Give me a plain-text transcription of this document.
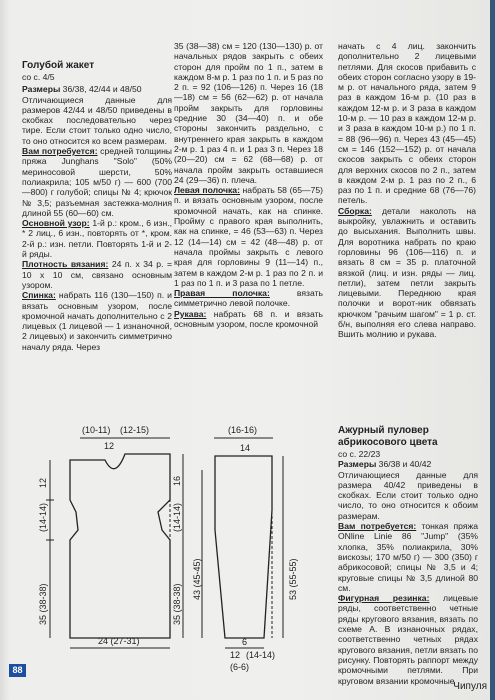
Голубой жакет

со с. 4/5

Размеры 36/38, 42/44 и 48/50

Отличающиеся данные для размеров 42/44 и 48/50 приведены в скобках последовательно через тире. Если стоит только одно число, то оно относится ко всем размерам.

Вам потребуется: средней толщины пряжа Junghans "Solo" (50% мериносовой шерсти, 50% полиакрила; 105 м/50 г) — 600 (700—800) г голубой; спицы № 4; крючок № 3,5; разъемная застежка-молния длиной 55 (60—60) см.

Основной узор: 1-й р.: кром., 6 изн., * 2 лиц., 6 изн., повторять от *, кром. 2-й р.: изн. петли. Повторять 1-й и 2-й ряды.

Плотность вязания: 24 п. х 34 р. = 10 х 10 см, связано основным узором.

Спинка: набрать 116 (130—150) п. и вязать основным узором, после кромочной начать дополнительно с 2 лицевых (1 лицевой — 1 изнаночной, 2 лицевых) и закончить симметрично началу ряда. Через

35 (38—38) см = 120 (130—130) р. от начальных рядов закрыть с обеих сторон для пройм по 1 п., затем в каждом 8-м р. 1 раз по 1 п. и 5 раз по 2 п. = 92 (106—126) п. Через 16 (18—18) см = 56 (62—62) р. от начала пройм закрыть для горловины средние 30 (34—40) п. и обе стороны закончить раздельно, с внутреннего края закрыть в каждом 2-м р. 1 раз 4 п. и 1 раз 3 п. Через 18 (20—20) см = 62 (68—68) р. от начала пройм закрыть оставшиеся 24 (29—36) п. плеча.

Левая полочка: набрать 58 (65—75) п. и вязать основным узором, после кромочной начать, как на спинке. Пройму с правого края выполнить, как на спинке, = 46 (53—63) п. Через 12 (14—14) см = 42 (48—48) р. от начала проймы закрыть с левого края для горловины 9 (11—14) п., затем в каждом 2-м р. 1 раз по 2 п. и 1 раз по 1 п. и 3 раза по 1 петле.

Правая полочка: вязать симметрично левой полочке.

Рукава: набрать 68 п. и вязать основным узором, после кромочной

начать с 4 лиц. закончить дополнительно 2 лицевыми петлями. Для скосов прибавить с обеих сторон согласно узору в 19-м р. от начального ряда, затем 9 раз в каждом 16-м р. (10 раз в каждом 12-м р. и 3 раза в каждом 10-м р. — 10 раз в каждом 12-м р. и 3 раза в каждом 10-м р.) по 1 п. = 88 (96—96) п. Через 43 (45—45) см = 146 (152—152) р. от начала скосов закрыть с обеих сторон для верхних скосов по 2 п., затем в каждом 2-м р. 1 раз по 2 п., 6 раз по 1 п. и средние 68 (76—76) петель.

Сборка: детали наколоть на выкройку, увлажнить и оставить до высыхания. Выполнить швы. Для воротника набрать по краю горловины 96 (106—116) п. и вязать 8 см = 35 р. платочной вязкой (лиц. и изн. ряды — лиц. петли), затем петли закрыть лицевыми. Переднюю края полочки и ворот-ник обвязать крючком "рачьим шагом" = 1 р. ст. б/н, выполняя его слева направо. Вшить молнию и рукава.

Ажурный пуловер абрикосового цвета

со с. 22/23

Размеры 36/38 и 40/42

Отличающиеся данные для размера 40/42 приведены в скобках. Если стоит только одно число, то оно относится к обоим размерам.

Вам потребуется: тонкая пряжа ONline Linie 86 "Jump" (35% хлопка, 35% полиакрила, 30% вискозы; 170 м/50 г) — 300 (350) г абрикосовой; спицы № 3,5 и 4; круговые спицы № 3,5 длиной 80 см.

Фигурная резинка: лицевые ряды, соответственно четные ряды кругового вязания, вязать по схеме А. В изнаночных рядах, соответственно четных рядах кругового вязания, петли вязать по рисунку. Повторять раппорт между кромочными петлями. При круговом вязании кромочные

(10-11) (12-15)
12
12
(14-14)
35 (38-38)
16
(14-14)
35 (38-38)
24 (27-31)
(16-16)
14
43 (45-45)	53 (55-55)
6
12 (14-14)
(6-6)
88
Чипуля
